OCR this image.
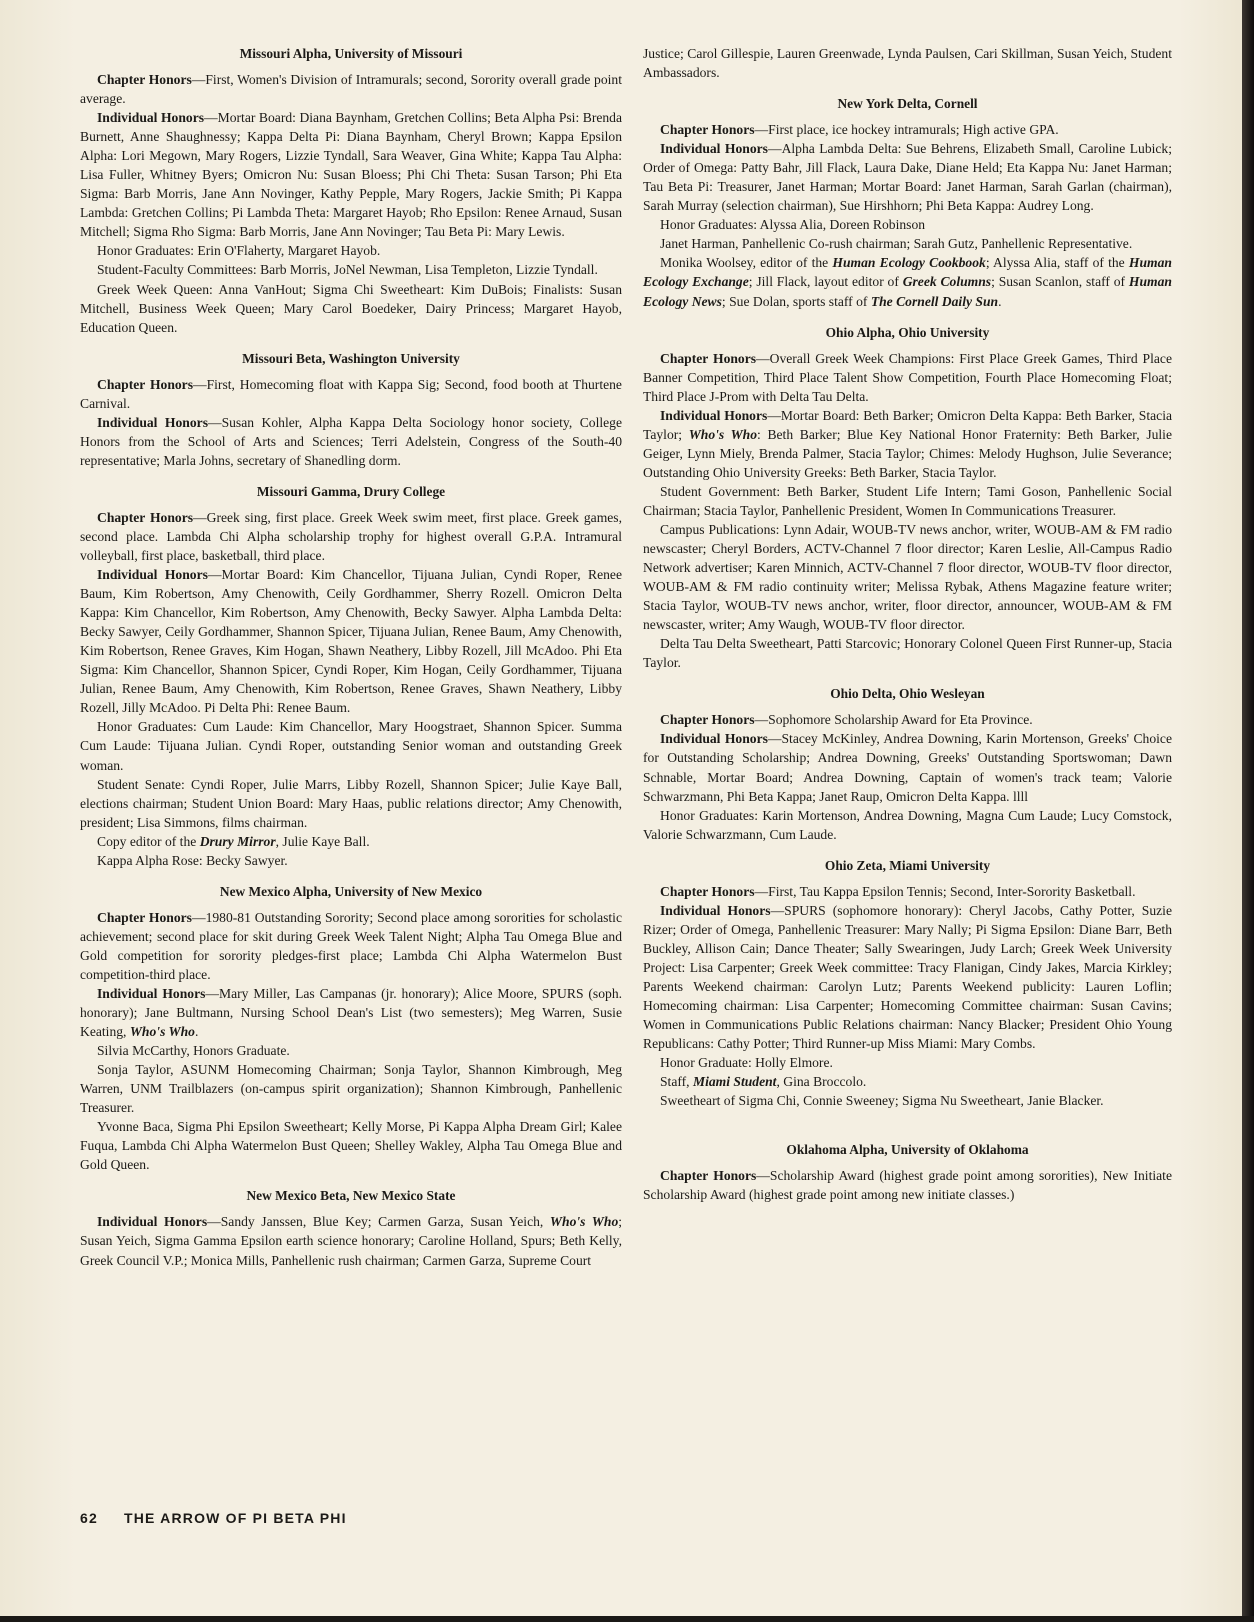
Missouri Alpha, University of Missouri

Chapter Honors—First, Women's Division of Intramurals; second, Sorority overall grade point average.

Individual Honors—Mortar Board: Diana Baynham, Gretchen Collins; Beta Alpha Psi: Brenda Burnett, Anne Shaughnessy; Kappa Delta Pi: Diana Baynham, Cheryl Brown; Kappa Epsilon Alpha: Lori Megown, Mary Rogers, Lizzie Tyndall, Sara Weaver, Gina White; Kappa Tau Alpha: Lisa Fuller, Whitney Byers; Omicron Nu: Susan Bloess; Phi Chi Theta: Susan Tarson; Phi Eta Sigma: Barb Morris, Jane Ann Novinger, Kathy Pepple, Mary Rogers, Jackie Smith; Pi Kappa Lambda: Gretchen Collins; Pi Lambda Theta: Margaret Hayob; Rho Epsilon: Renee Arnaud, Susan Mitchell; Sigma Rho Sigma: Barb Morris, Jane Ann Novinger; Tau Beta Pi: Mary Lewis.

Honor Graduates: Erin O'Flaherty, Margaret Hayob.

Student-Faculty Committees: Barb Morris, JoNel Newman, Lisa Templeton, Lizzie Tyndall.

Greek Week Queen: Anna VanHout; Sigma Chi Sweetheart: Kim DuBois; Finalists: Susan Mitchell, Business Week Queen; Mary Carol Boedeker, Dairy Princess; Margaret Hayob, Education Queen.

Missouri Beta, Washington University

Chapter Honors—First, Homecoming float with Kappa Sig; Second, food booth at Thurtene Carnival.

Individual Honors—Susan Kohler, Alpha Kappa Delta Sociology honor society, College Honors from the School of Arts and Sciences; Terri Adelstein, Congress of the South-40 representative; Marla Johns, secretary of Shanedling dorm.

Missouri Gamma, Drury College

Chapter Honors—Greek sing, first place. Greek Week swim meet, first place. Greek games, second place. Lambda Chi Alpha scholarship trophy for highest overall G.P.A. Intramural volleyball, first place, basketball, third place.

Individual Honors—Mortar Board: Kim Chancellor, Tijuana Julian, Cyndi Roper, Renee Baum, Kim Robertson, Amy Chenowith, Ceily Gordhammer, Sherry Rozell. Omicron Delta Kappa: Kim Chancellor, Kim Robertson, Amy Chenowith, Becky Sawyer. Alpha Lambda Delta: Becky Sawyer, Ceily Gordhammer, Shannon Spicer, Tijuana Julian, Renee Baum, Amy Chenowith, Kim Robertson, Renee Graves, Kim Hogan, Shawn Neathery, Libby Rozell, Jill McAdoo. Phi Eta Sigma: Kim Chancellor, Shannon Spicer, Cyndi Roper, Kim Hogan, Ceily Gordhammer, Tijuana Julian, Renee Baum, Amy Chenowith, Kim Robertson, Renee Graves, Shawn Neathery, Libby Rozell, Jilly McAdoo. Pi Delta Phi: Renee Baum.

Honor Graduates: Cum Laude: Kim Chancellor, Mary Hoogstraet, Shannon Spicer. Summa Cum Laude: Tijuana Julian. Cyndi Roper, outstanding Senior woman and outstanding Greek woman.

Student Senate: Cyndi Roper, Julie Marrs, Libby Rozell, Shannon Spicer; Julie Kaye Ball, elections chairman; Student Union Board: Mary Haas, public relations director; Amy Chenowith, president; Lisa Simmons, films chairman.

Copy editor of the Drury Mirror, Julie Kaye Ball.

Kappa Alpha Rose: Becky Sawyer.

New Mexico Alpha, University of New Mexico

Chapter Honors—1980-81 Outstanding Sorority; Second place among sororities for scholastic achievement; second place for skit during Greek Week Talent Night; Alpha Tau Omega Blue and Gold competition for sorority pledges-first place; Lambda Chi Alpha Watermelon Bust competition-third place.

Individual Honors—Mary Miller, Las Campanas (jr. honorary); Alice Moore, SPURS (soph. honorary); Jane Bultmann, Nursing School Dean's List (two semesters); Meg Warren, Susie Keating, Who's Who.

Silvia McCarthy, Honors Graduate.

Sonja Taylor, ASUNM Homecoming Chairman; Sonja Taylor, Shannon Kimbrough, Meg Warren, UNM Trailblazers (on-campus spirit organization); Shannon Kimbrough, Panhellenic Treasurer.

Yvonne Baca, Sigma Phi Epsilon Sweetheart; Kelly Morse, Pi Kappa Alpha Dream Girl; Kalee Fuqua, Lambda Chi Alpha Watermelon Bust Queen; Shelley Wakley, Alpha Tau Omega Blue and Gold Queen.

New Mexico Beta, New Mexico State

Individual Honors—Sandy Janssen, Blue Key; Carmen Garza, Susan Yeich, Who's Who; Susan Yeich, Sigma Gamma Epsilon earth science honorary; Caroline Holland, Spurs; Beth Kelly, Greek Council V.P.; Monica Mills, Panhellenic rush chairman; Carmen Garza, Supreme Court

Justice; Carol Gillespie, Lauren Greenwade, Lynda Paulsen, Cari Skillman, Susan Yeich, Student Ambassadors.

New York Delta, Cornell

Chapter Honors—First place, ice hockey intramurals; High active GPA.

Individual Honors—Alpha Lambda Delta: Sue Behrens, Elizabeth Small, Caroline Lubick; Order of Omega: Patty Bahr, Jill Flack, Laura Dake, Diane Held; Eta Kappa Nu: Janet Harman; Tau Beta Pi: Treasurer, Janet Harman; Mortar Board: Janet Harman, Sarah Garlan (chairman), Sarah Murray (selection chairman), Sue Hirshhorn; Phi Beta Kappa: Audrey Long.

Honor Graduates: Alyssa Alia, Doreen Robinson

Janet Harman, Panhellenic Co-rush chairman; Sarah Gutz, Panhellenic Representative.

Monika Woolsey, editor of the Human Ecology Cookbook; Alyssa Alia, staff of the Human Ecology Exchange; Jill Flack, layout editor of Greek Columns; Susan Scanlon, staff of Human Ecology News; Sue Dolan, sports staff of The Cornell Daily Sun.

Ohio Alpha, Ohio University

Chapter Honors—Overall Greek Week Champions: First Place Greek Games, Third Place Banner Competition, Third Place Talent Show Competition, Fourth Place Homecoming Float; Third Place J-Prom with Delta Tau Delta.

Individual Honors—Mortar Board: Beth Barker; Omicron Delta Kappa: Beth Barker, Stacia Taylor; Who's Who: Beth Barker; Blue Key National Honor Fraternity: Beth Barker, Julie Geiger, Lynn Miely, Brenda Palmer, Stacia Taylor; Chimes: Melody Hughson, Julie Severance; Outstanding Ohio University Greeks: Beth Barker, Stacia Taylor.

Student Government: Beth Barker, Student Life Intern; Tami Goson, Panhellenic Social Chairman; Stacia Taylor, Panhellenic President, Women In Communications Treasurer.

Campus Publications: Lynn Adair, WOUB-TV news anchor, writer, WOUB-AM & FM radio newscaster; Cheryl Borders, ACTV-Channel 7 floor director; Karen Leslie, All-Campus Radio Network advertiser; Karen Minnich, ACTV-Channel 7 floor director, WOUB-TV floor director, WOUB-AM & FM radio continuity writer; Melissa Rybak, Athens Magazine feature writer; Stacia Taylor, WOUB-TV news anchor, writer, floor director, announcer, WOUB-AM & FM newscaster, writer; Amy Waugh, WOUB-TV floor director.

Delta Tau Delta Sweetheart, Patti Starcovic; Honorary Colonel Queen First Runner-up, Stacia Taylor.

Ohio Delta, Ohio Wesleyan

Chapter Honors—Sophomore Scholarship Award for Eta Province.

Individual Honors—Stacey McKinley, Andrea Downing, Karin Mortenson, Greeks' Choice for Outstanding Scholarship; Andrea Downing, Greeks' Outstanding Sportswoman; Dawn Schnable, Mortar Board; Andrea Downing, Captain of women's track team; Valorie Schwarzmann, Phi Beta Kappa; Janet Raup, Omicron Delta Kappa. llll

Honor Graduates: Karin Mortenson, Andrea Downing, Magna Cum Laude; Lucy Comstock, Valorie Schwarzmann, Cum Laude.

Ohio Zeta, Miami University

Chapter Honors—First, Tau Kappa Epsilon Tennis; Second, Inter-Sorority Basketball.

Individual Honors—SPURS (sophomore honorary): Cheryl Jacobs, Cathy Potter, Suzie Rizer; Order of Omega, Panhellenic Treasurer: Mary Nally; Pi Sigma Epsilon: Diane Barr, Beth Buckley, Allison Cain; Dance Theater; Sally Swearingen, Judy Larch; Greek Week University Project: Lisa Carpenter; Greek Week committee: Tracy Flanigan, Cindy Jakes, Marcia Kirkley; Parents Weekend chairman: Carolyn Lutz; Parents Weekend publicity: Lauren Loflin; Homecoming chairman: Lisa Carpenter; Homecoming Committee chairman: Susan Cavins; Women in Communications Public Relations chairman: Nancy Blacker; President Ohio Young Republicans: Cathy Potter; Third Runner-up Miss Miami: Mary Combs.

Honor Graduate: Holly Elmore.

Staff, Miami Student, Gina Broccolo.

Sweetheart of Sigma Chi, Connie Sweeney; Sigma Nu Sweetheart, Janie Blacker.

Oklahoma Alpha, University of Oklahoma

Chapter Honors—Scholarship Award (highest grade point among sororities), New Initiate Scholarship Award (highest grade point among new initiate classes.)

62 THE ARROW OF PI BETA PHI
